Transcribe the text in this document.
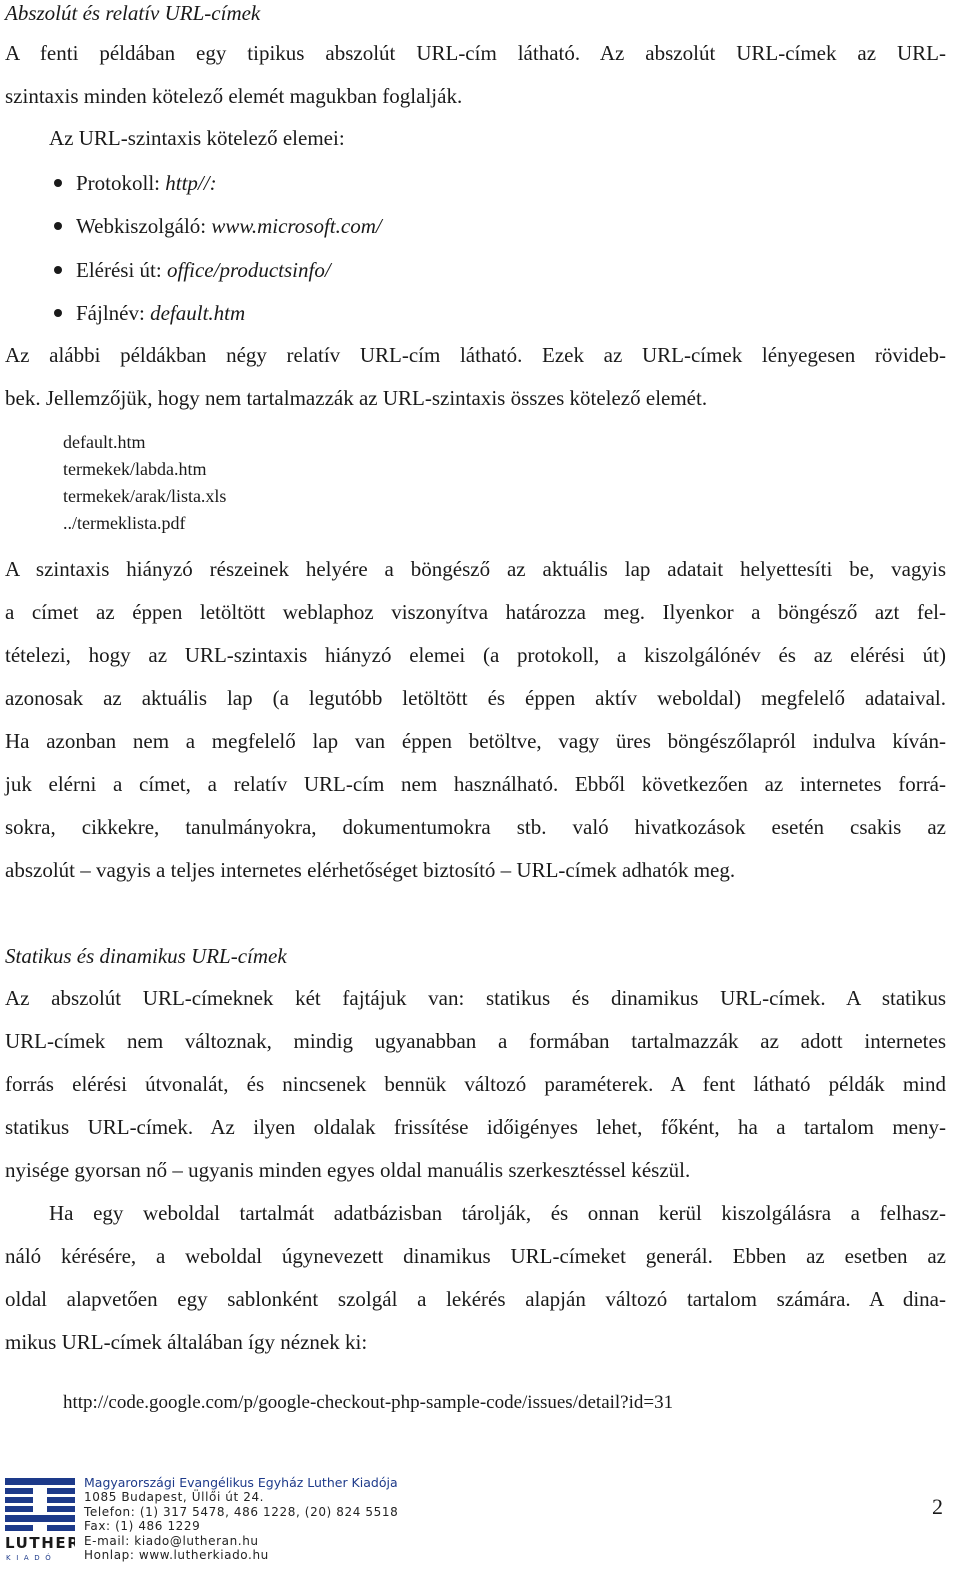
Abszolút és relatív URL-címek
A fenti példában egy tipikus abszolút URL-cím látható. Az abszolút URL-címek az URL-
szintaxis minden kötelező elemét magukban foglalják.
Az URL-szintaxis kötelező elemei:
Protokoll: http//:
Webkiszolgáló: www.microsoft.com/
Elérési út: office/productsinfo/
Fájlnév: default.htm
Az alábbi példákban négy relatív URL-cím látható. Ezek az URL-címek lényegesen rövideb-
bek. Jellemzőjük, hogy nem tartalmazzák az URL-szintaxis összes kötelező elemét.
default.htm
termekek/labda.htm
termekek/arak/lista.xls
../termeklista.pdf
A szintaxis hiányzó részeinek helyére a böngésző az aktuális lap adatait helyettesíti be, vagyis
a címet az éppen letöltött weblaphoz viszonyítva határozza meg. Ilyenkor a böngésző azt fel-
tételezi, hogy az URL-szintaxis hiányzó elemei (a protokoll, a kiszolgálónév és az elérési út)
azonosak az aktuális lap (a legutóbb letöltött és éppen aktív weboldal) megfelelő adataival.
Ha azonban nem a megfelelő lap van éppen betöltve, vagy üres böngészőlapról indulva kíván-
juk elérni a címet, a relatív URL-cím nem használható. Ebből következően az internetes forrá-
sokra, cikkekre, tanulmányokra, dokumentumokra stb. való hivatkozások esetén csakis az
abszolút – vagyis a teljes internetes elérhetőséget biztosító – URL-címek adhatók meg.
Statikus és dinamikus URL-címek
Az abszolút URL-címeknek két fajtájuk van: statikus és dinamikus URL-címek. A statikus
URL-címek nem változnak, mindig ugyanabban a formában tartalmazzák az adott internetes
forrás elérési útvonalát, és nincsenek bennük változó paraméterek. A fent látható példák mind
statikus URL-címek. Az ilyen oldalak frissítése időigényes lehet, főként, ha a tartalom meny-
nyisége gyorsan nő – ugyanis minden egyes oldal manuális szerkesztéssel készül.
Ha egy weboldal tartalmát adatbázisban tárolják, és onnan kerül kiszolgálásra a felhasz-
náló kérésére, a weboldal úgynevezett dinamikus URL-címeket generál. Ebben az esetben az
oldal alapvetően egy sablonként szolgál a lekérés alapján változó tartalom számára. A dina-
mikus URL-címek általában így néznek ki:
http://code.google.com/p/google-checkout-php-sample-code/issues/detail?id=31
LUTHER
KIADÓ
Magyarországi Evangélikus Egyház Luther Kiadója
1085 Budapest, Üllői út 24.
Telefon: (1) 317 5478, 486 1228, (20) 824 5518
Fax: (1) 486 1229
E-mail: kiado@lutheran.hu
Honlap: www.lutherkiado.hu
2
